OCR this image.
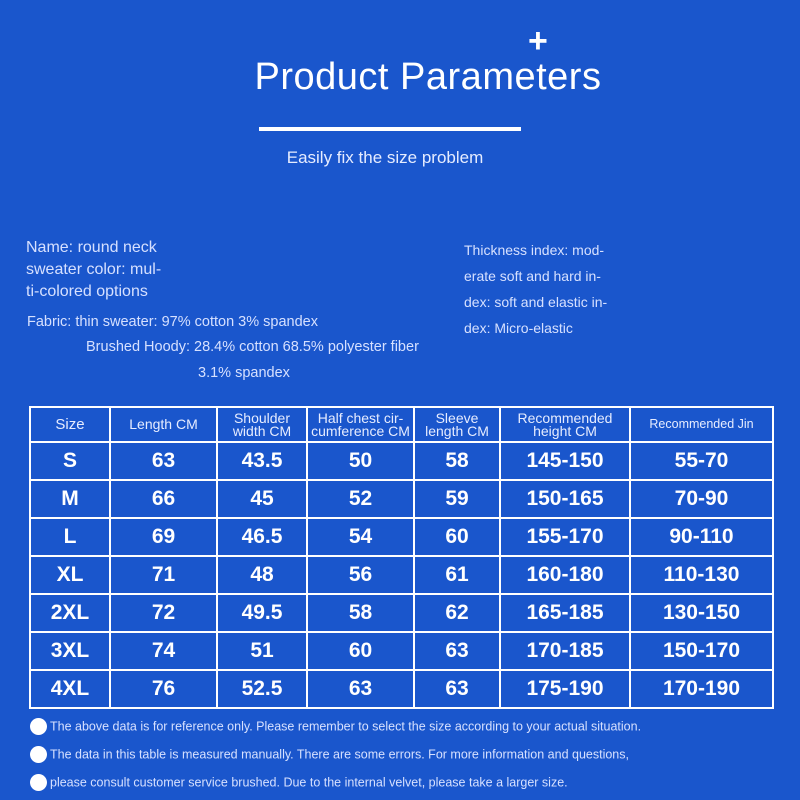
+
Product Parameters
Easily fix the size problem
Name: round neck
sweater color: mul-
ti-colored options
Fabric: thin sweater: 97% cotton 3% spandex
Brushed Hoody: 28.4% cotton 68.5% polyester fiber
3.1% spandex
Thickness index: mod-
erate soft and hard in-
dex: soft and elastic in-
dex: Micro-elastic
Size	Length CM	Shoulder width CM	Half chest cir-cumference CM	Sleeve length CM	Recommended height CM	Recommended Jin
S	63	43.5	50	58	145-150	55-70
M	66	45	52	59	150-165	70-90
L	69	46.5	54	60	155-170	90-110
XL	71	48	56	61	160-180	110-130
2XL	72	49.5	58	62	165-185	130-150
3XL	74	51	60	63	170-185	150-170
4XL	76	52.5	63	63	175-190	170-190
The above data is for reference only. Please remember to select the size according to your actual situation.
The data in this table is measured manually. There are some errors. For more information and questions,
please consult customer service brushed. Due to the internal velvet, please take a larger size.
